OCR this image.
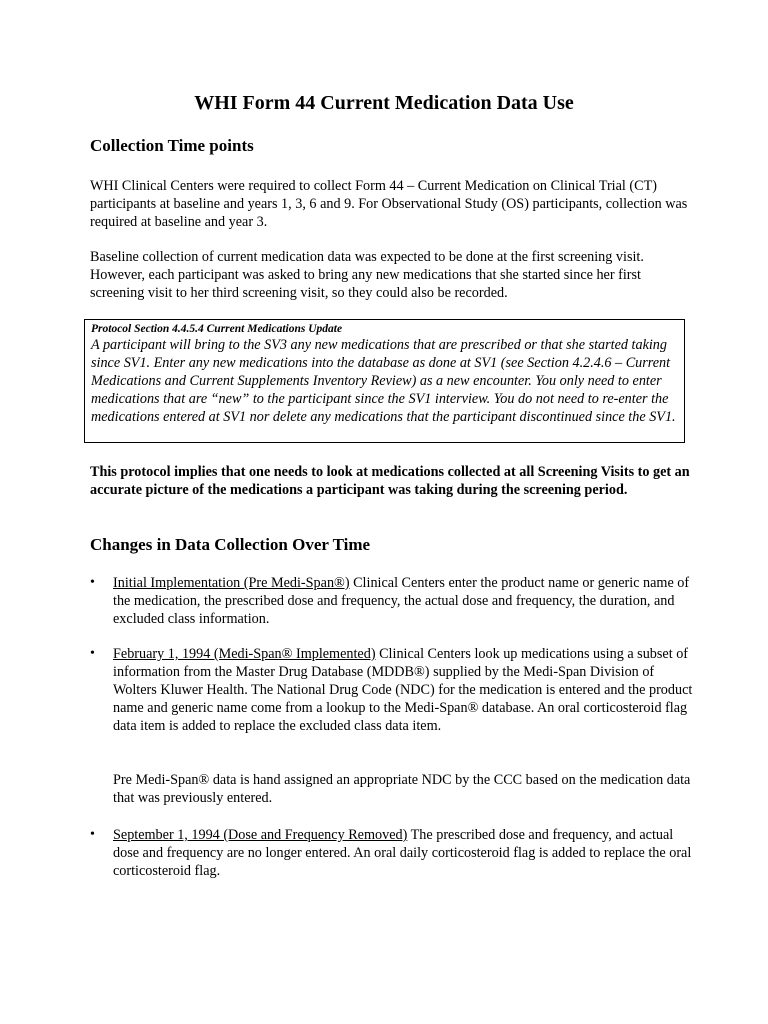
WHI Form 44 Current Medication Data Use
Collection Time points

WHI Clinical Centers were required to collect Form 44 – Current Medication on Clinical Trial (CT) participants at baseline and years 1, 3, 6 and 9. For Observational Study (OS) participants, collection was required at baseline and year 3.

Baseline collection of current medication data was expected to be done at the first screening visit. However, each participant was asked to bring any new medications that she started since her first screening visit to her third screening visit, so they could also be recorded.

Protocol Section 4.4.5.4 Current Medications Update

A participant will bring to the SV3 any new medications that are prescribed or that she started taking since SV1. Enter any new medications into the database as done at SV1 (see Section 4.2.4.6 – Current Medications and Current Supplements Inventory Review) as a new encounter. You only need to enter medications that are “new” to the participant since the SV1 interview. You do not need to re-enter the medications entered at SV1 nor delete any medications that the participant discontinued since the SV1.

This protocol implies that one needs to look at medications collected at all Screening Visits to get an accurate picture of the medications a participant was taking during the screening period.

Changes in Data Collection Over Time
• Initial Implementation (Pre Medi-Span®) Clinical Centers enter the product name or generic name of the medication, the prescribed dose and frequency, the actual dose and frequency, the duration, and excluded class information.

• February 1, 1994 (Medi-Span® Implemented) Clinical Centers look up medications using a subset of information from the Master Drug Database (MDDB®) supplied by the Medi-Span Division of Wolters Kluwer Health. The National Drug Code (NDC) for the medication is entered and the product name and generic name come from a lookup to the Medi-Span® database. An oral corticosteroid flag data item is added to replace the excluded class data item.

Pre Medi-Span® data is hand assigned an appropriate NDC by the CCC based on the medication data that was previously entered.

• September 1, 1994 (Dose and Frequency Removed) The prescribed dose and frequency, and actual dose and frequency are no longer entered. An oral daily corticosteroid flag is added to replace the oral corticosteroid flag.
